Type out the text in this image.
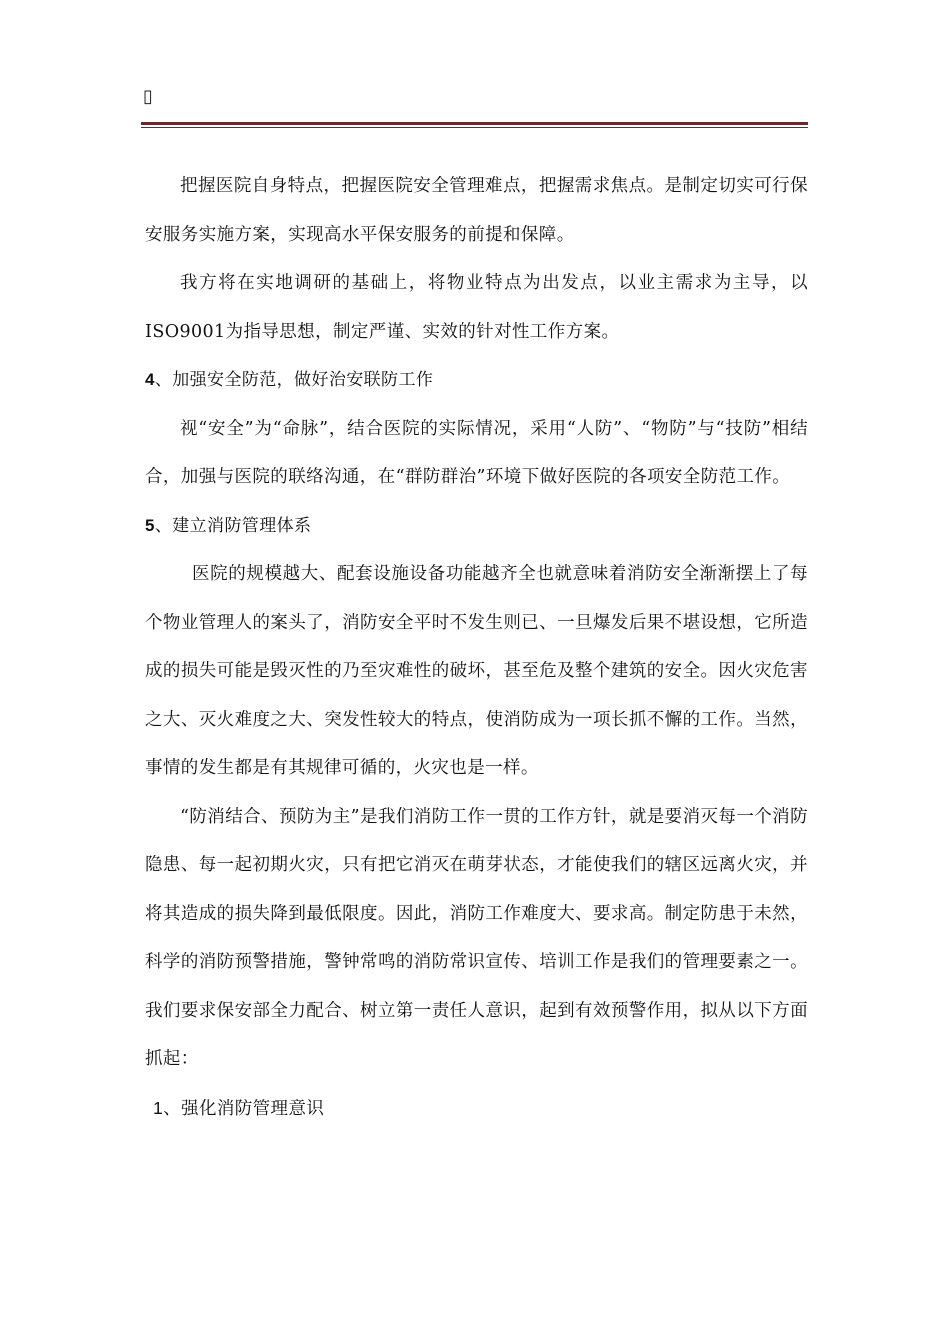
▯

把握医院自身特点，把握医院安全管理难点，把握需求焦点。是制定切实可行保安服务实施方案，实现高水平保安服务的前提和保障。

我方将在实地调研的基础上，将物业特点为出发点，以业主需求为主导，以ISO9001为指导思想，制定严谨、实效的针对性工作方案。

4、加强安全防范，做好治安联防工作

视“安全”为“命脉”，结合医院的实际情况，采用“人防”、“物防”与“技防”相结合，加强与医院的联络沟通，在“群防群治”环境下做好医院的各项安全防范工作。

5、建立消防管理体系

医院的规模越大、配套设施设备功能越齐全也就意味着消防安全渐渐摆上了每个物业管理人的案头了，消防安全平时不发生则已、一旦爆发后果不堪设想，它所造成的损失可能是毁灭性的乃至灾难性的破坏，甚至危及整个建筑的安全。因火灾危害之大、灭火难度之大、突发性较大的特点，使消防成为一项长抓不懈的工作。当然，事情的发生都是有其规律可循的，火灾也是一样。

“防消结合、预防为主”是我们消防工作一贯的工作方针，就是要消灭每一个消防隐患、每一起初期火灾，只有把它消灭在萌芽状态，才能使我们的辖区远离火灾，并将其造成的损失降到最低限度。因此，消防工作难度大、要求高。制定防患于未然，科学的消防预警措施，警钟常鸣的消防常识宣传、培训工作是我们的管理要素之一。我们要求保安部全力配合、树立第一责任人意识，起到有效预警作用，拟从以下方面抓起：

1、强化消防管理意识
